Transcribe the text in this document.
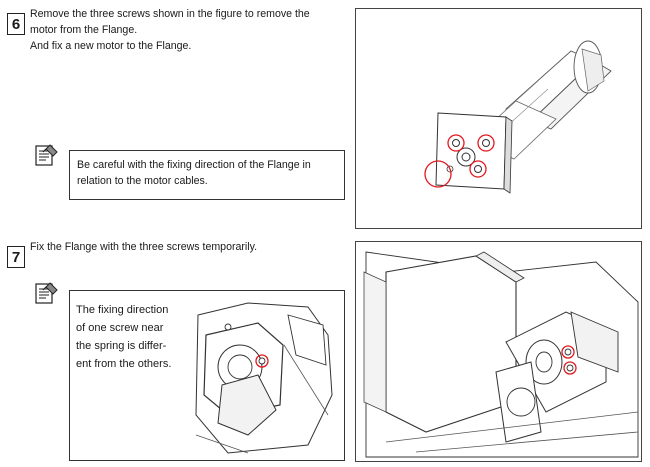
6
Remove the three screws shown in the figure to remove the
motor from the Flange.
And fix a new motor to the Flange.
Be careful with the fixing direction of the Flange in
relation to the motor cables.
7
Fix the Flange with the three screws temporarily.
The fixing direction
of one screw near
the spring is differ-
ent from the others.
